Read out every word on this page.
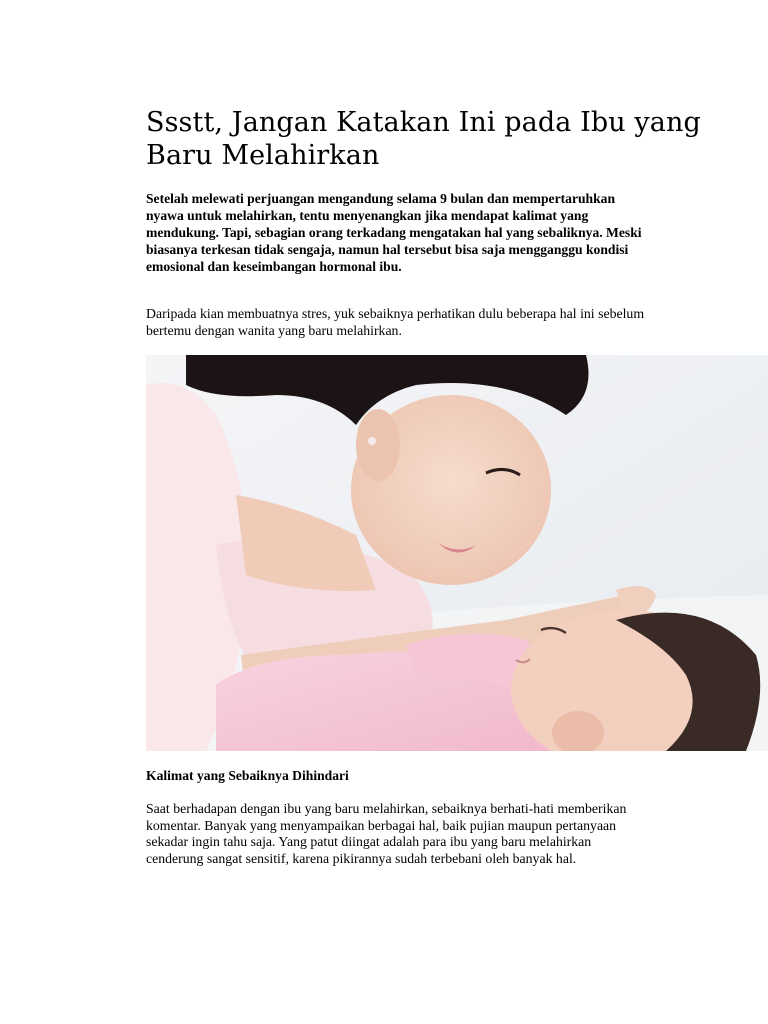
Ssstt, Jangan Katakan Ini pada Ibu yang Baru Melahirkan

Setelah melewati perjuangan mengandung selama 9 bulan dan mempertaruhkan nyawa untuk melahirkan, tentu menyenangkan jika mendapat kalimat yang mendukung. Tapi, sebagian orang terkadang mengatakan hal yang sebaliknya. Meski biasanya terkesan tidak sengaja, namun hal tersebut bisa saja mengganggu kondisi emosional dan keseimbangan hormonal ibu.

Daripada kian membuatnya stres, yuk sebaiknya perhatikan dulu beberapa hal ini sebelum bertemu dengan wanita yang baru melahirkan.

Kalimat yang Sebaiknya Dihindari

Saat berhadapan dengan ibu yang baru melahirkan, sebaiknya berhati-hati memberikan komentar. Banyak yang menyampaikan berbagai hal, baik pujian maupun pertanyaan sekadar ingin tahu saja. Yang patut diingat adalah para ibu yang baru melahirkan cenderung sangat sensitif, karena pikirannya sudah terbebani oleh banyak hal.
